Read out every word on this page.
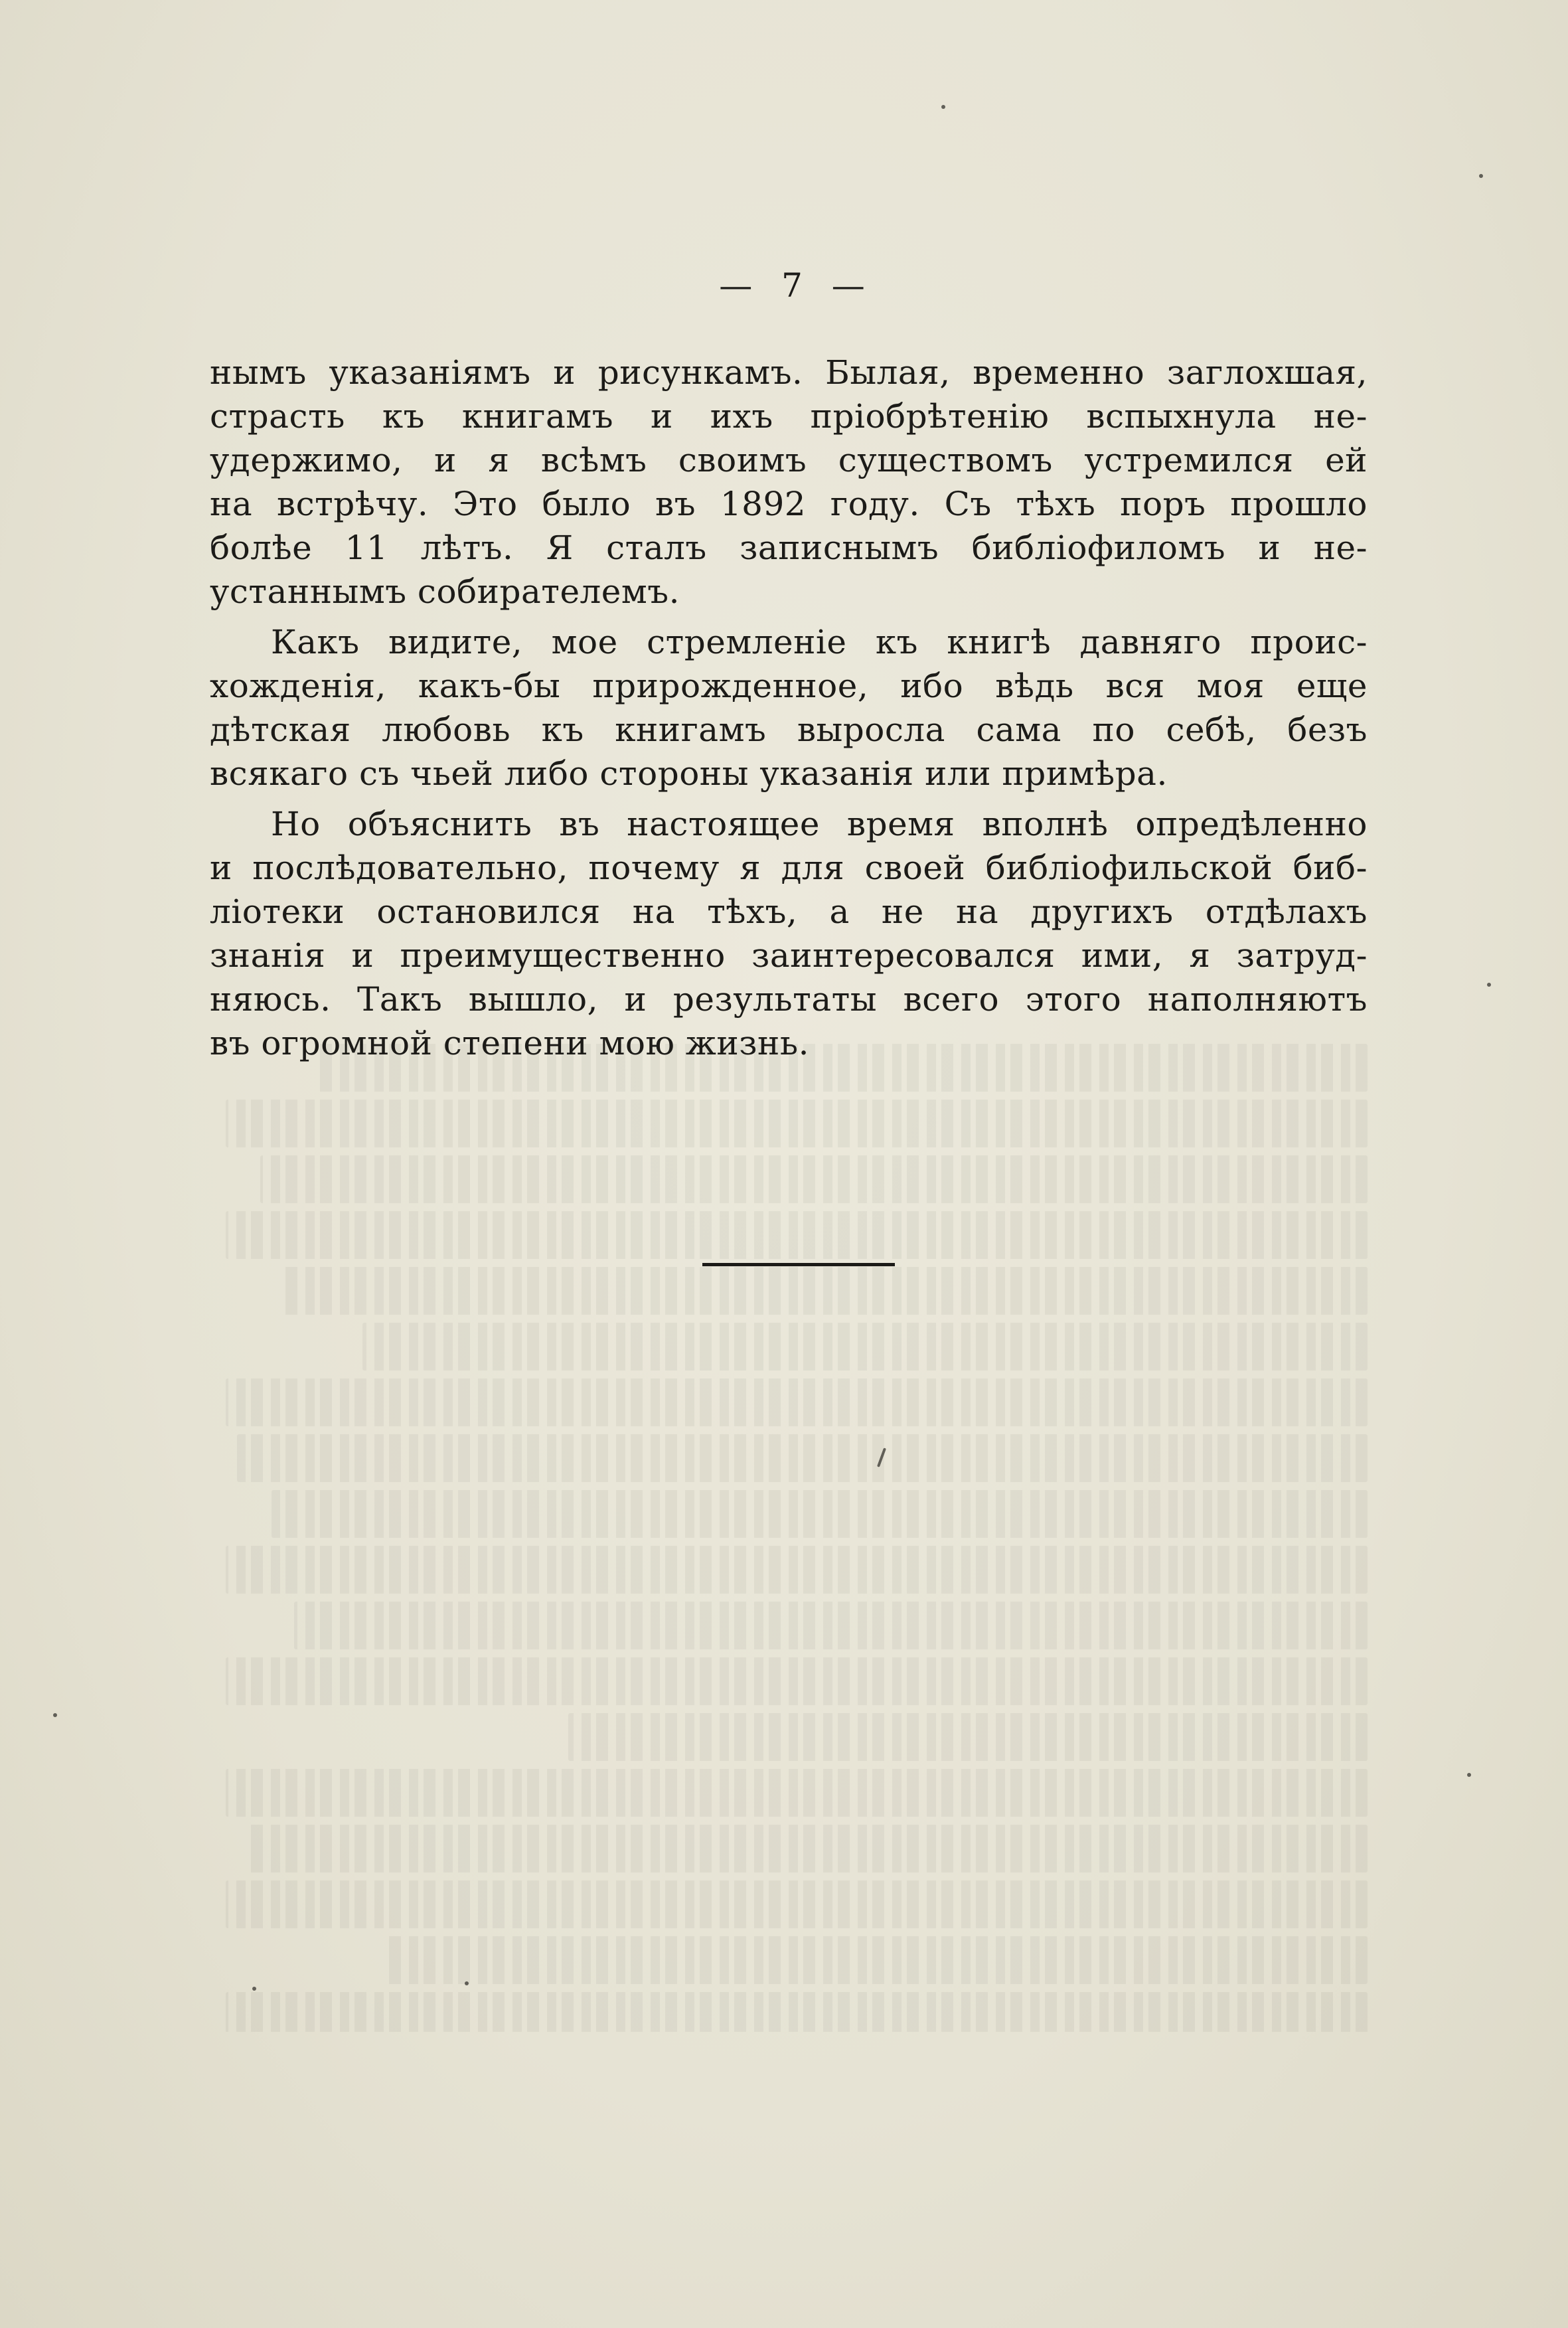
— 7 —

нымъ указаніямъ и рисункамъ. Былая, временно заглохшая,
страсть къ книгамъ и ихъ пріобрѣтенію вспыхнула не-
удержимо, и я всѣмъ своимъ существомъ устремился ей
на встрѣчу. Это было въ 1892 году. Съ тѣхъ поръ прошло
болѣе 11 лѣтъ. Я сталъ записнымъ библіофиломъ и не-
устаннымъ собирателемъ.

Какъ видите, мое стремленіе къ книгѣ давняго проис-
хожденія, какъ-бы прирожденное, ибо вѣдь вся моя еще
дѣтская любовь къ книгамъ выросла сама по себѣ, безъ
всякаго съ чьей либо стороны указанія или примѣра.

Но объяснить въ настоящее время вполнѣ опредѣленно
и послѣдовательно, почему я для своей библіофильской биб-
ліотеки остановился на тѣхъ, а не на другихъ отдѣлахъ
знанія и преимущественно заинтересовался ими, я затруд-
няюсь. Такъ вышло, и результаты всего этого наполняютъ
въ огромной степени мою жизнь.
